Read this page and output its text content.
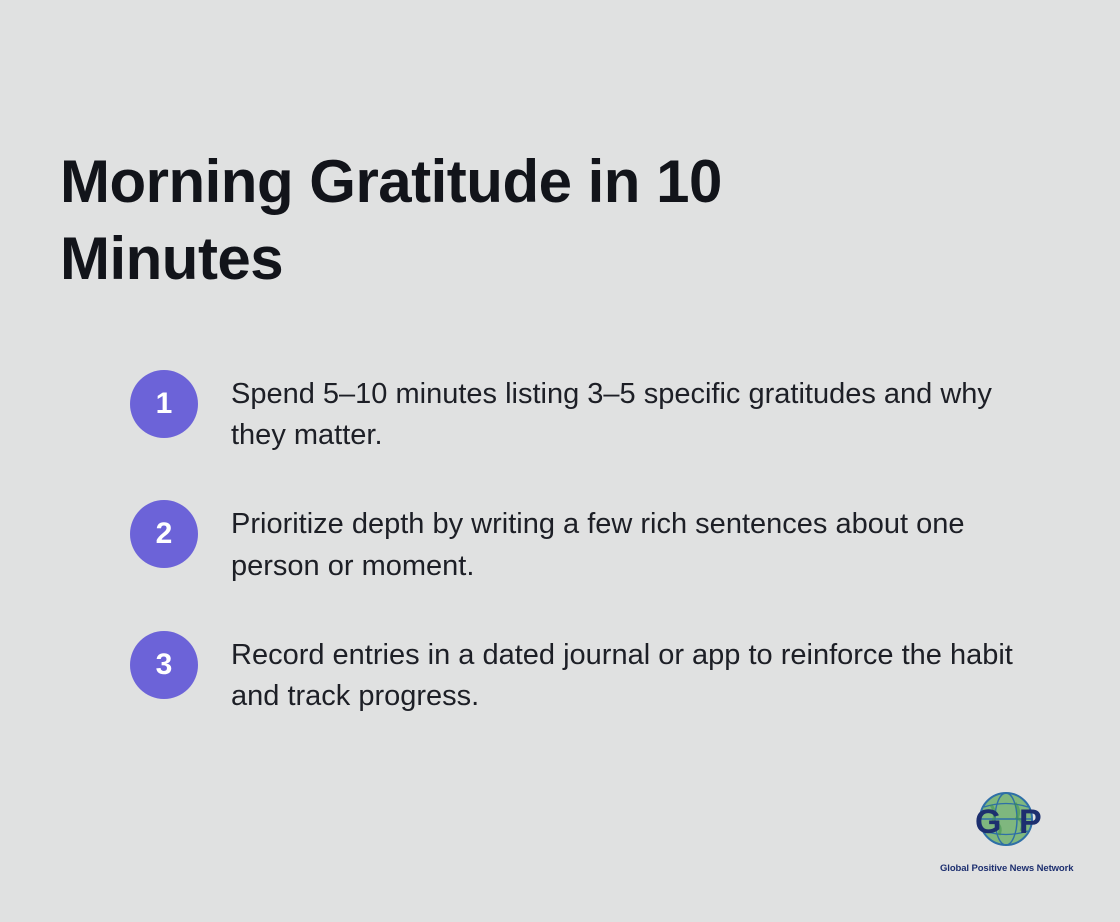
Morning Gratitude in 10 Minutes
1	Spend 5–10 minutes listing 3–5 specific gratitudes and why they matter.
2	Prioritize depth by writing a few rich sentences about one person or moment.
3	Record entries in a dated journal or app to reinforce the habit and track progress.
G P
Global Positive News Network
